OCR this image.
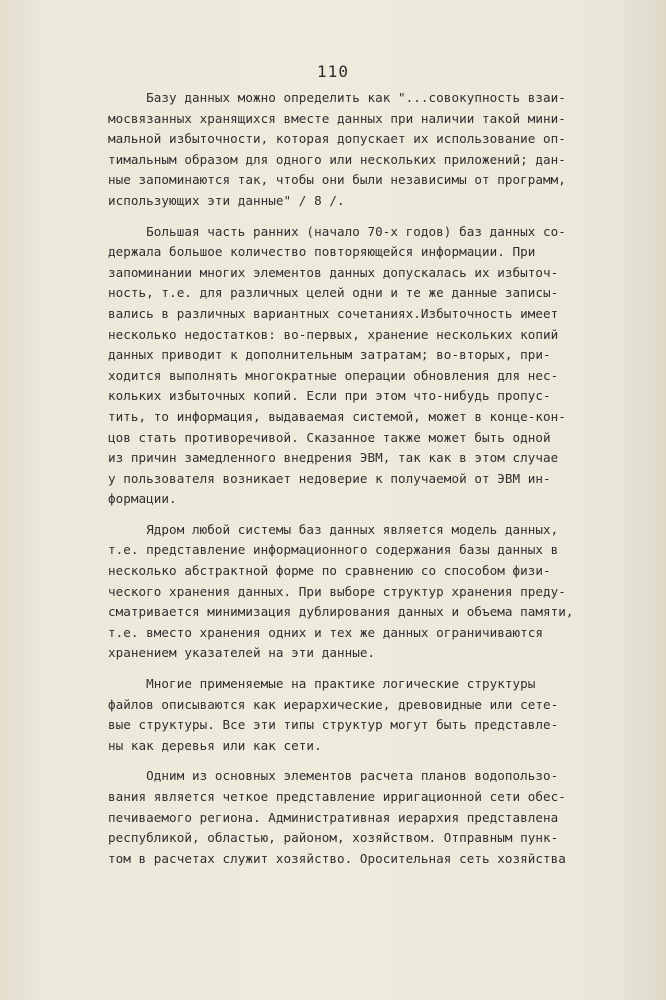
110
Базу данных можно определить как "...совокупность взаи-
мосвязанных хранящихся вместе данных при наличии такой мини-
мальной избыточности, которая допускает их использование оп-
тимальным образом для одного или нескольких приложений; дан-
ные запоминаются так, чтобы они были независимы от программ,
использующих эти данные" / 8 /.
Большая часть ранних (начало 70-х годов) баз данных со-
держала большое количество повторяющейся информации. При
запоминании многих элементов данных допускалась их избыточ-
ность, т.е. для различных целей одни и те же данные записы-
вались в различных вариантных сочетаниях.Избыточность имеет
несколько недостатков: во-первых, хранение нескольких копий
данных приводит к дополнительным затратам; во-вторых, при-
ходится выполнять многократные операции обновления для нес-
кольких избыточных копий. Если при этом что-нибудь пропус-
тить, то информация, выдаваемая системой, может в конце-кон-
цов стать противоречивой. Сказанное также может быть одной
из причин замедленного внедрения ЭВМ, так как в этом случае
у пользователя возникает недоверие к получаемой от ЭВМ ин-
формации.
Ядром любой системы баз данных является модель данных,
т.е. представление информационного содержания базы данных в
несколько абстрактной форме по сравнению со способом физи-
ческого хранения данных. При выборе структур хранения преду-
сматривается минимизация дублирования данных и объема памяти,
т.е. вместо хранения одних и тех же данных ограничиваются
хранением указателей на эти данные.
Многие применяемые на практике логические структуры
файлов описываются как иерархические, древовидные или сете-
вые структуры. Все эти типы структур могут быть представле-
ны как деревья или как сети.
Одним из основных элементов расчета планов водопользо-
вания является четкое представление ирригационной сети обес-
печиваемого региона. Административная иерархия представлена
республикой, областью, районом, хозяйством. Отправным пунк-
том в расчетах служит хозяйство. Оросительная сеть хозяйства
